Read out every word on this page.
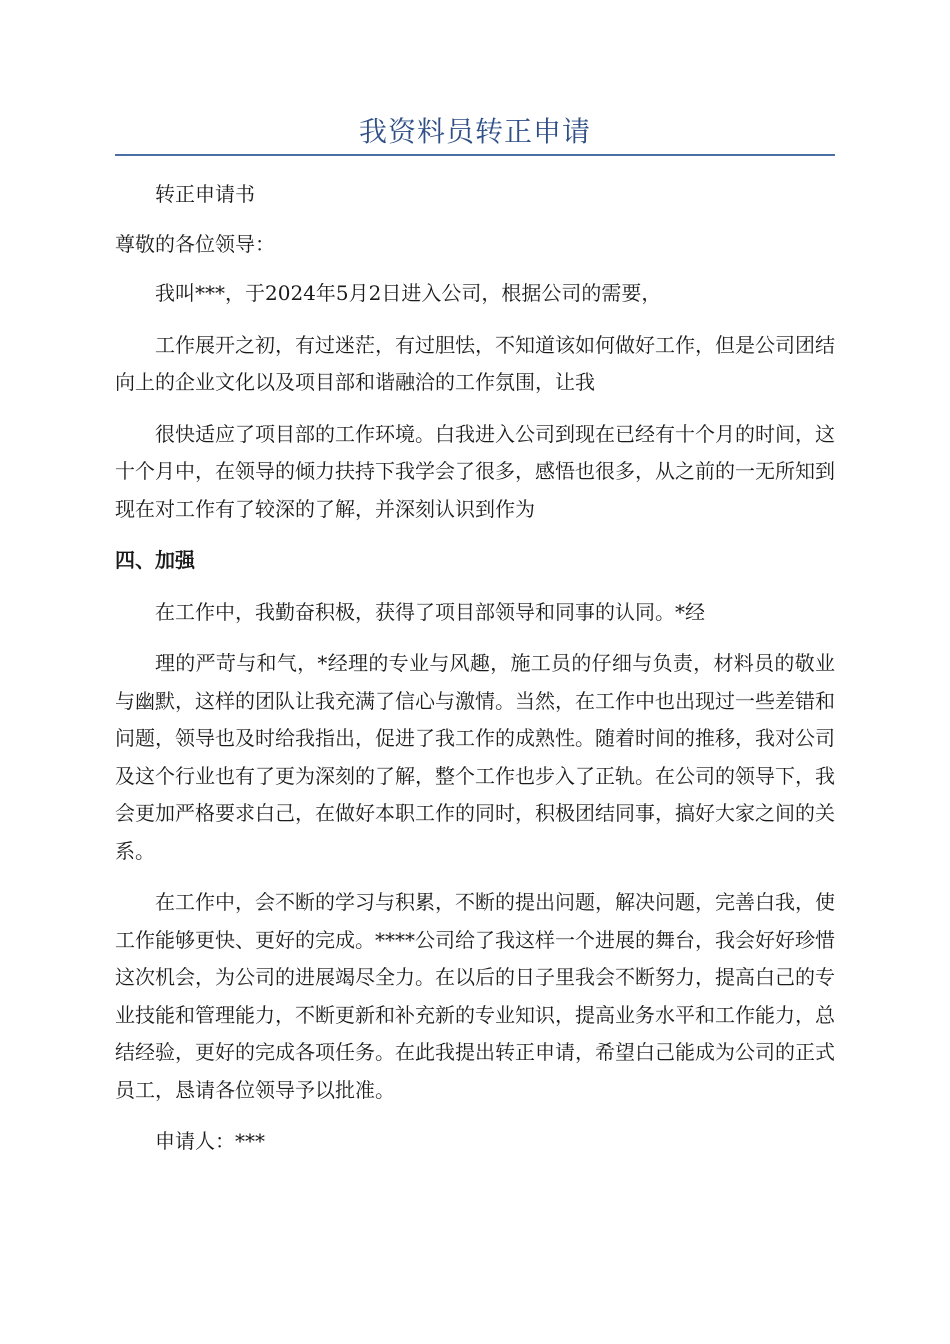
我资料员转正申请

转正申请书

尊敬的各位领导：

我叫***，于2024年5月2日进入公司，根据公司的需要，

工作展开之初，有过迷茫，有过胆怯，不知道该如何做好工作，但是公司团结向上的企业文化以及项目部和谐融洽的工作氛围，让我

很快适应了项目部的工作环境。白我进入公司到现在已经有十个月的时间，这十个月中，在领导的倾力扶持下我学会了很多，感悟也很多，从之前的一无所知到现在对工作有了较深的了解，并深刻认识到作为

四、加强

在工作中，我勤奋积极，获得了项目部领导和同事的认同。*经

理的严苛与和气，*经理的专业与风趣，施工员的仔细与负责，材料员的敬业与幽默，这样的团队让我充满了信心与激情。当然，在工作中也出现过一些差错和问题，领导也及时给我指出，促进了我工作的成熟性。随着时间的推移，我对公司及这个行业也有了更为深刻的了解，整个工作也步入了正轨。在公司的领导下，我会更加严格要求白己，在做好本职工作的同时，积极团结同事，搞好大家之间的关系。

在工作中，会不断的学习与积累，不断的提出问题，解决问题，完善白我，使工作能够更快、更好的完成。****公司给了我这样一个进展的舞台，我会好好珍惜这次机会，为公司的进展竭尽全力。在以后的日子里我会不断努力，提高白己的专业技能和管理能力，不断更新和补充新的专业知识，提高业务水平和工作能力，总结经验，更好的完成各项任务。在此我提出转正申请，希望白己能成为公司的正式员工，恳请各位领导予以批准。

申请人：***
